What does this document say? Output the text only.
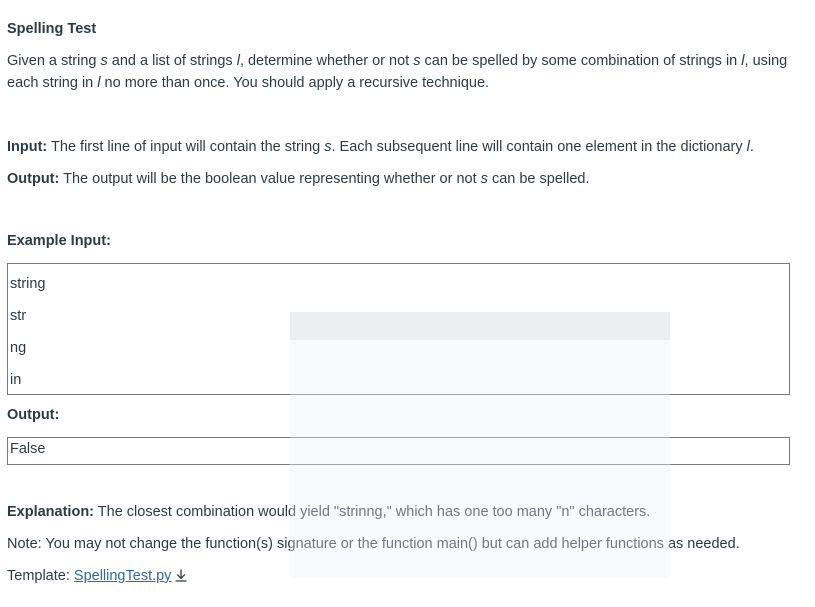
Spelling Test

Given a string s and a list of strings l, determine whether or not s can be spelled by some combination of strings in l, using each string in l no more than once. You should apply a recursive technique.

Input: The first line of input will contain the string s. Each subsequent line will contain one element in the dictionary l.

Output: The output will be the boolean value representing whether or not s can be spelled.

Example Input:

string
str
ng
in

Output:

False

Explanation: The closest combination would yield "strinng," which has one too many "n" characters.

Note: You may not change the function(s) signature or the function main() but can add helper functions as needed.

Template: SpellingTest.py
